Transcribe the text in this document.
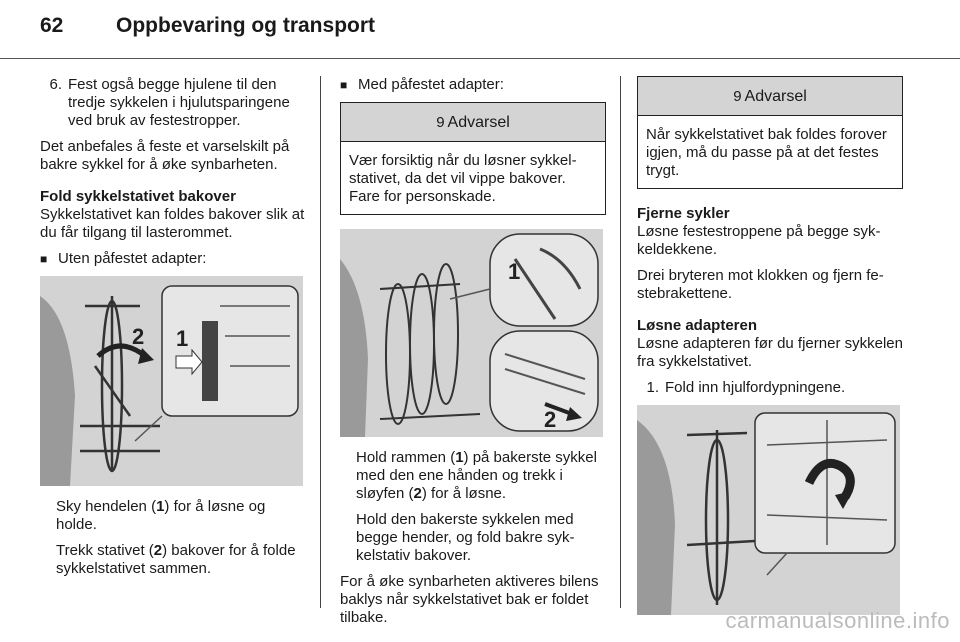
62	Oppbevaring og transport
6. Fest også begge hjulene til den tredje sykkelen i hjulutsparingene ved bruk av festestropper.

Det anbefales å feste et varselskilt på bakre sykkel for å øke synbarheten.

Fold sykkelstativet bakover

Sykkelstativet kan foldes bakover slik at du får tilgang til lasterommet.

■ Uten påfestet adapter:
2 1

Sky hendelen (1) for å løsne og holde.

Trekk stativet (2) bakover for å folde sykkelstativet sammen.

■ Med påfestet adapter:
9 Advarsel
Vær forsiktig når du løsner sykkelstativet, da det vil vippe bakover. Fare for personskade.
1
2

Hold rammen (1) på bakerste sykkel med den ene hånden og trekk i sløyfen (2) for å løsne.

Hold den bakerste sykkelen med begge hender, og fold bakre sykkelstativ bakover.

For å øke synbarheten aktiveres bilens baklys når sykkelstativet bak er foldet tilbake.

9 Advarsel
Når sykkelstativet bak foldes forover igjen, må du passe på at det festes trygt.
Fjerne sykler

Løsne festestroppene på begge sykkeldekkene.

Drei bryteren mot klokken og fjern festebrakettene.

Løsne adapteren

Løsne adapteren før du fjerner sykkelen fra sykkelstativet.

1. Fold inn hjulfordypningene.
carmanualsonline.info
